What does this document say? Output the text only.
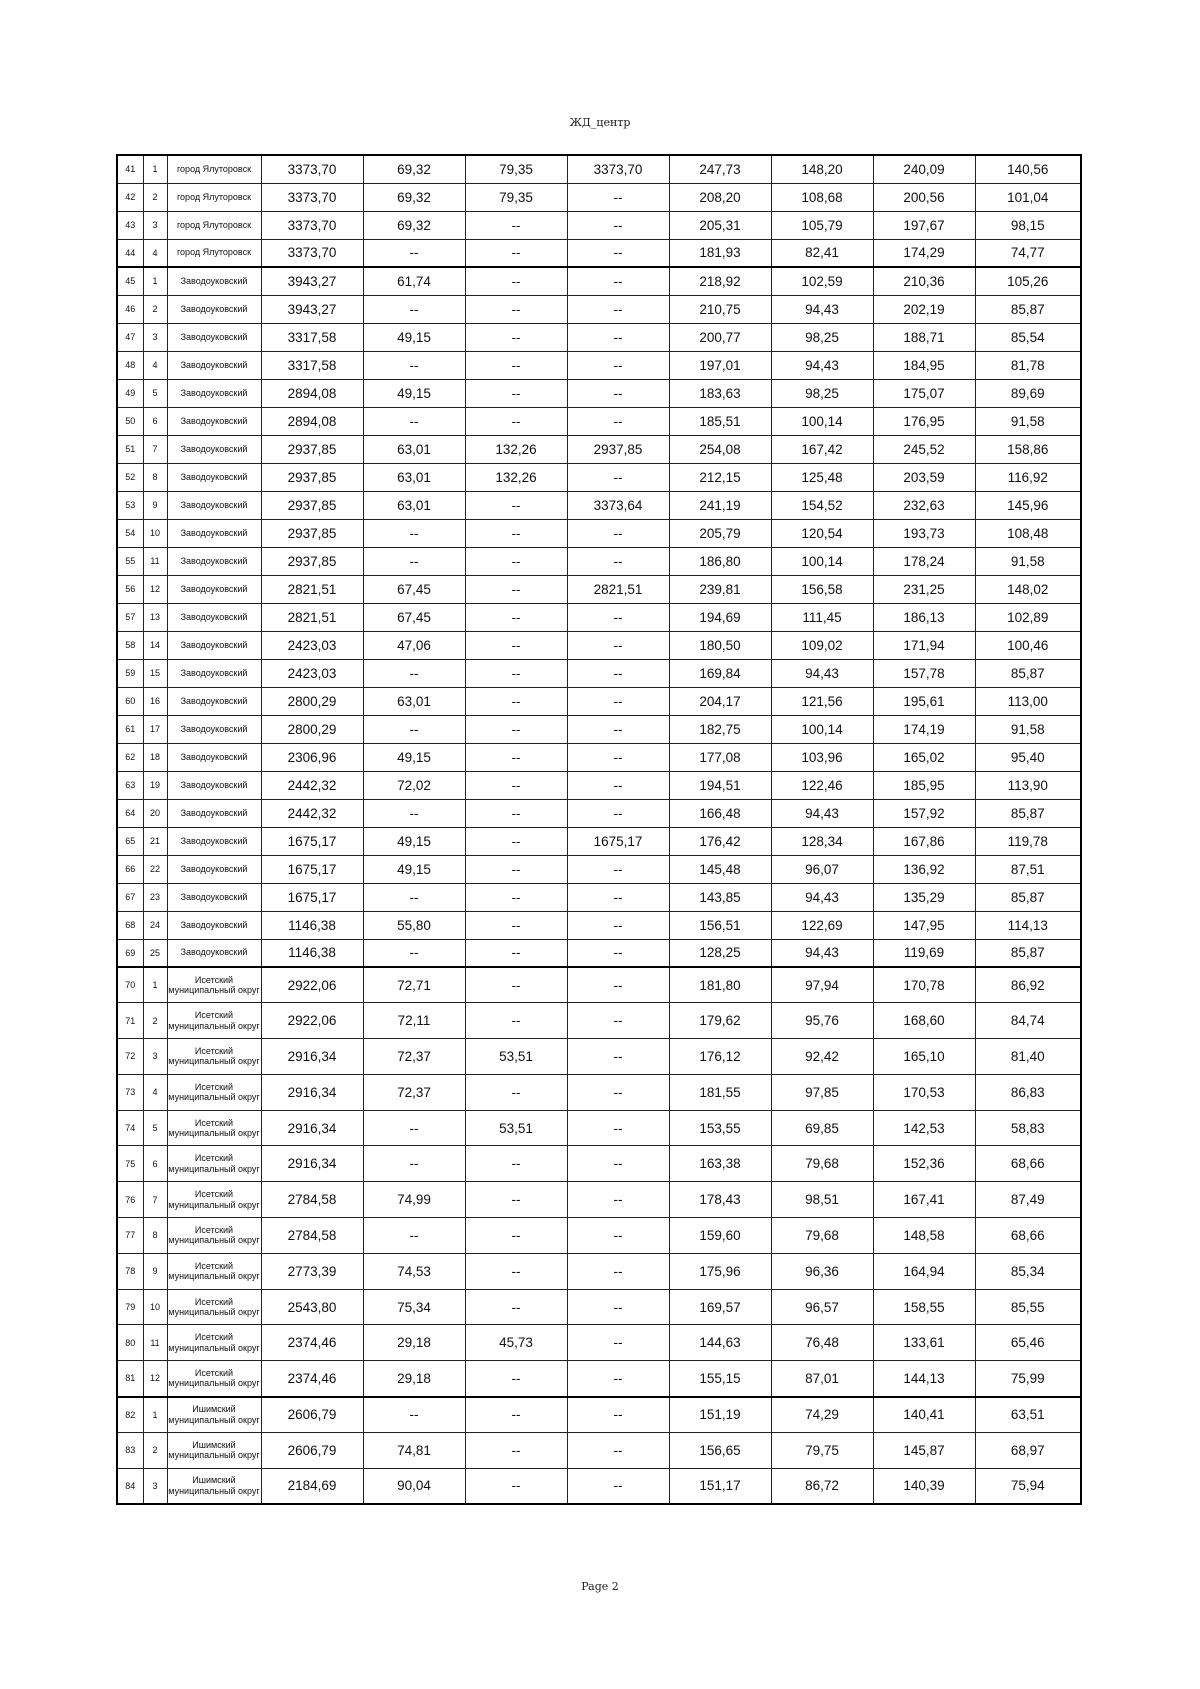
ЖД_центр
41	1	город Ялуторовск	3373,70	69,32	79,35	3373,70	247,73	148,20	240,09	140,56
42	2	город Ялуторовск	3373,70	69,32	79,35	--	208,20	108,68	200,56	101,04
43	3	город Ялуторовск	3373,70	69,32	--	--	205,31	105,79	197,67	98,15
44	4	город Ялуторовск	3373,70	--	--	--	181,93	82,41	174,29	74,77
45	1	Заводоуковский	3943,27	61,74	--	--	218,92	102,59	210,36	105,26
46	2	Заводоуковский	3943,27	--	--	--	210,75	94,43	202,19	85,87
47	3	Заводоуковский	3317,58	49,15	--	--	200,77	98,25	188,71	85,54
48	4	Заводоуковский	3317,58	--	--	--	197,01	94,43	184,95	81,78
49	5	Заводоуковский	2894,08	49,15	--	--	183,63	98,25	175,07	89,69
50	6	Заводоуковский	2894,08	--	--	--	185,51	100,14	176,95	91,58
51	7	Заводоуковский	2937,85	63,01	132,26	2937,85	254,08	167,42	245,52	158,86
52	8	Заводоуковский	2937,85	63,01	132,26	--	212,15	125,48	203,59	116,92
53	9	Заводоуковский	2937,85	63,01	--	3373,64	241,19	154,52	232,63	145,96
54	10	Заводоуковский	2937,85	--	--	--	205,79	120,54	193,73	108,48
55	11	Заводоуковский	2937,85	--	--	--	186,80	100,14	178,24	91,58
56	12	Заводоуковский	2821,51	67,45	--	2821,51	239,81	156,58	231,25	148,02
57	13	Заводоуковский	2821,51	67,45	--	--	194,69	111,45	186,13	102,89
58	14	Заводоуковский	2423,03	47,06	--	--	180,50	109,02	171,94	100,46
59	15	Заводоуковский	2423,03	--	--	--	169,84	94,43	157,78	85,87
60	16	Заводоуковский	2800,29	63,01	--	--	204,17	121,56	195,61	113,00
61	17	Заводоуковский	2800,29	--	--	--	182,75	100,14	174,19	91,58
62	18	Заводоуковский	2306,96	49,15	--	--	177,08	103,96	165,02	95,40
63	19	Заводоуковский	2442,32	72,02	--	--	194,51	122,46	185,95	113,90
64	20	Заводоуковский	2442,32	--	--	--	166,48	94,43	157,92	85,87
65	21	Заводоуковский	1675,17	49,15	--	1675,17	176,42	128,34	167,86	119,78
66	22	Заводоуковский	1675,17	49,15	--	--	145,48	96,07	136,92	87,51
67	23	Заводоуковский	1675,17	--	--	--	143,85	94,43	135,29	85,87
68	24	Заводоуковский	1146,38	55,80	--	--	156,51	122,69	147,95	114,13
69	25	Заводоуковский	1146,38	--	--	--	128,25	94,43	119,69	85,87
70	1	Исетский муниципальный округ	2922,06	72,71	--	--	181,80	97,94	170,78	86,92
71	2	Исетский муниципальный округ	2922,06	72,11	--	--	179,62	95,76	168,60	84,74
72	3	Исетский муниципальный округ	2916,34	72,37	53,51	--	176,12	92,42	165,10	81,40
73	4	Исетский муниципальный округ	2916,34	72,37	--	--	181,55	97,85	170,53	86,83
74	5	Исетский муниципальный округ	2916,34	--	53,51	--	153,55	69,85	142,53	58,83
75	6	Исетский муниципальный округ	2916,34	--	--	--	163,38	79,68	152,36	68,66
76	7	Исетский муниципальный округ	2784,58	74,99	--	--	178,43	98,51	167,41	87,49
77	8	Исетский муниципальный округ	2784,58	--	--	--	159,60	79,68	148,58	68,66
78	9	Исетский муниципальный округ	2773,39	74,53	--	--	175,96	96,36	164,94	85,34
79	10	Исетский муниципальный округ	2543,80	75,34	--	--	169,57	96,57	158,55	85,55
80	11	Исетский муниципальный округ	2374,46	29,18	45,73	--	144,63	76,48	133,61	65,46
81	12	Исетский муниципальный округ	2374,46	29,18	--	--	155,15	87,01	144,13	75,99
82	1	Ишимский муниципальный округ	2606,79	--	--	--	151,19	74,29	140,41	63,51
83	2	Ишимский муниципальный округ	2606,79	74,81	--	--	156,65	79,75	145,87	68,97
84	3	Ишимский муниципальный округ	2184,69	90,04	--	--	151,17	86,72	140,39	75,94
Page 2
